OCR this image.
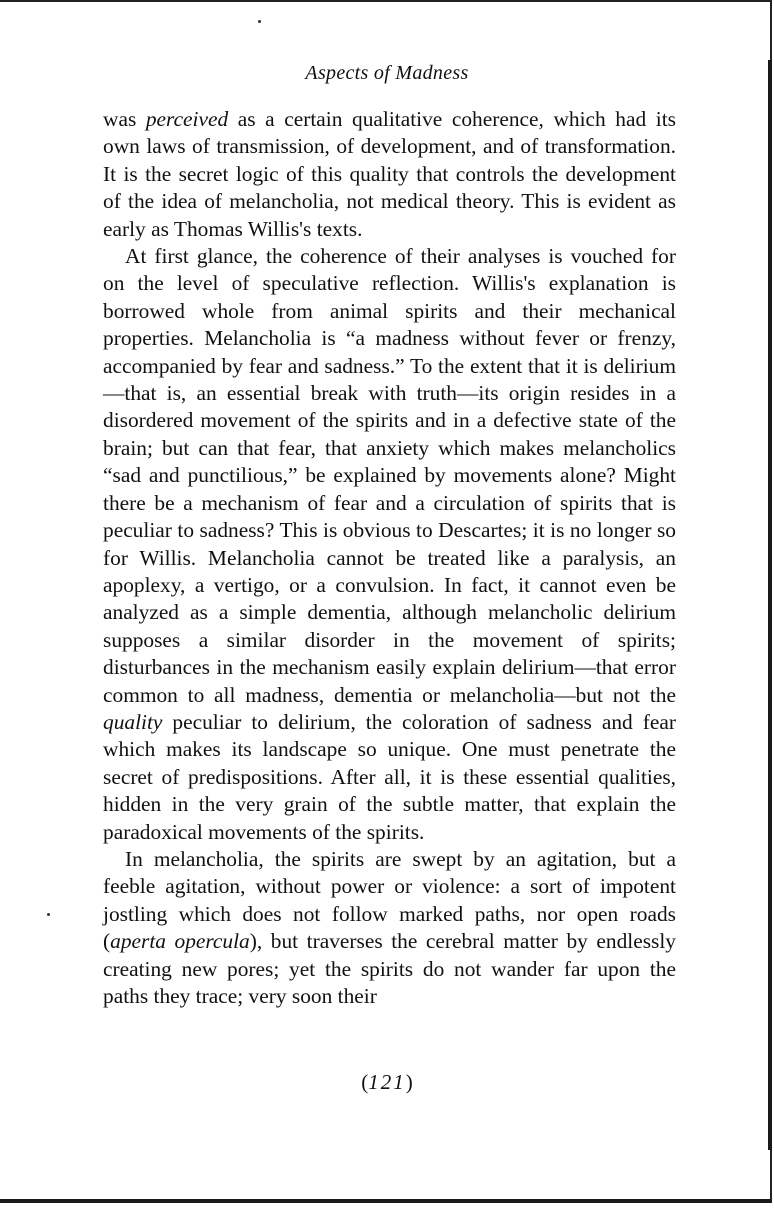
Aspects of Madness

was perceived as a certain qualitative coherence, which had its own laws of transmission, of development, and of transformation. It is the secret logic of this quality that controls the development of the idea of melancholia, not medical theory. This is evident as early as Thomas Willis's texts.

At first glance, the coherence of their analyses is vouched for on the level of speculative reflection. Willis's explanation is borrowed whole from animal spirits and their mechanical properties. Melancholia is “a madness without fever or frenzy, accompanied by fear and sadness.” To the extent that it is delirium—that is, an essential break with truth—its origin resides in a disordered movement of the spirits and in a defective state of the brain; but can that fear, that anxiety which makes melancholics “sad and punctilious,” be explained by movements alone? Might there be a mechanism of fear and a circulation of spirits that is peculiar to sadness? This is obvious to Descartes; it is no longer so for Willis. Melancholia cannot be treated like a paralysis, an apoplexy, a vertigo, or a convulsion. In fact, it cannot even be analyzed as a simple dementia, although melancholic delirium supposes a similar disorder in the movement of spirits; disturbances in the mechanism easily explain delirium—that error common to all madness, dementia or melancholia—but not the quality peculiar to delirium, the coloration of sadness and fear which makes its landscape so unique. One must penetrate the secret of predispositions. After all, it is these essential qualities, hidden in the very grain of the subtle matter, that explain the paradoxical movements of the spirits.

In melancholia, the spirits are swept by an agitation, but a feeble agitation, without power or violence: a sort of impotent jostling which does not follow marked paths, nor open roads (aperta opercula), but traverses the cerebral matter by endlessly creating new pores; yet the spirits do not wander far upon the paths they trace; very soon their

(121)
